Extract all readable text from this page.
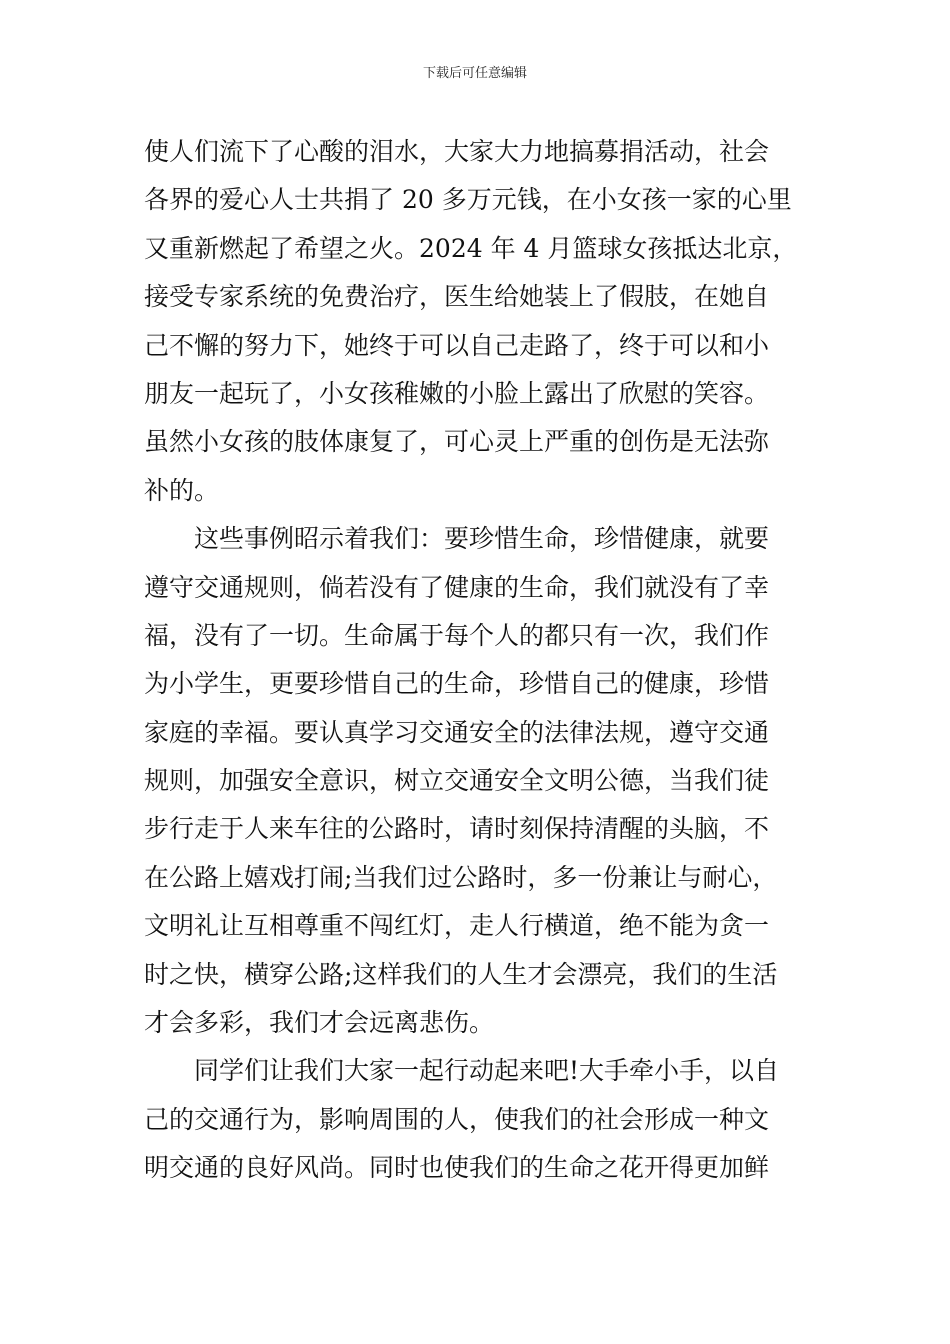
下载后可任意编辑
使人们流下了心酸的泪水，大家大力地搞募捐活动，社会
各界的爱心人士共捐了 20 多万元钱，在小女孩一家的心里
又重新燃起了希望之火。2024 年 4 月篮球女孩抵达北京，
接受专家系统的免费治疗，医生给她装上了假肢，在她自
己不懈的努力下，她终于可以自己走路了，终于可以和小
朋友一起玩了，小女孩稚嫩的小脸上露出了欣慰的笑容。
虽然小女孩的肢体康复了，可心灵上严重的创伤是无法弥
补的。
　　这些事例昭示着我们：要珍惜生命，珍惜健康，就要
遵守交通规则，倘若没有了健康的生命，我们就没有了幸
福，没有了一切。生命属于每个人的都只有一次，我们作
为小学生，更要珍惜自己的生命，珍惜自己的健康，珍惜
家庭的幸福。要认真学习交通安全的法律法规，遵守交通
规则，加强安全意识，树立交通安全文明公德，当我们徒
步行走于人来车往的公路时，请时刻保持清醒的头脑，不
在公路上嬉戏打闹;当我们过公路时，多一份兼让与耐心，
文明礼让互相尊重不闯红灯，走人行横道，绝不能为贪一
时之快，横穿公路;这样我们的人生才会漂亮，我们的生活
才会多彩，我们才会远离悲伤。
　　同学们让我们大家一起行动起来吧!大手牵小手，以自
己的交通行为，影响周围的人，使我们的社会形成一种文
明交通的良好风尚。同时也使我们的生命之花开得更加鲜
